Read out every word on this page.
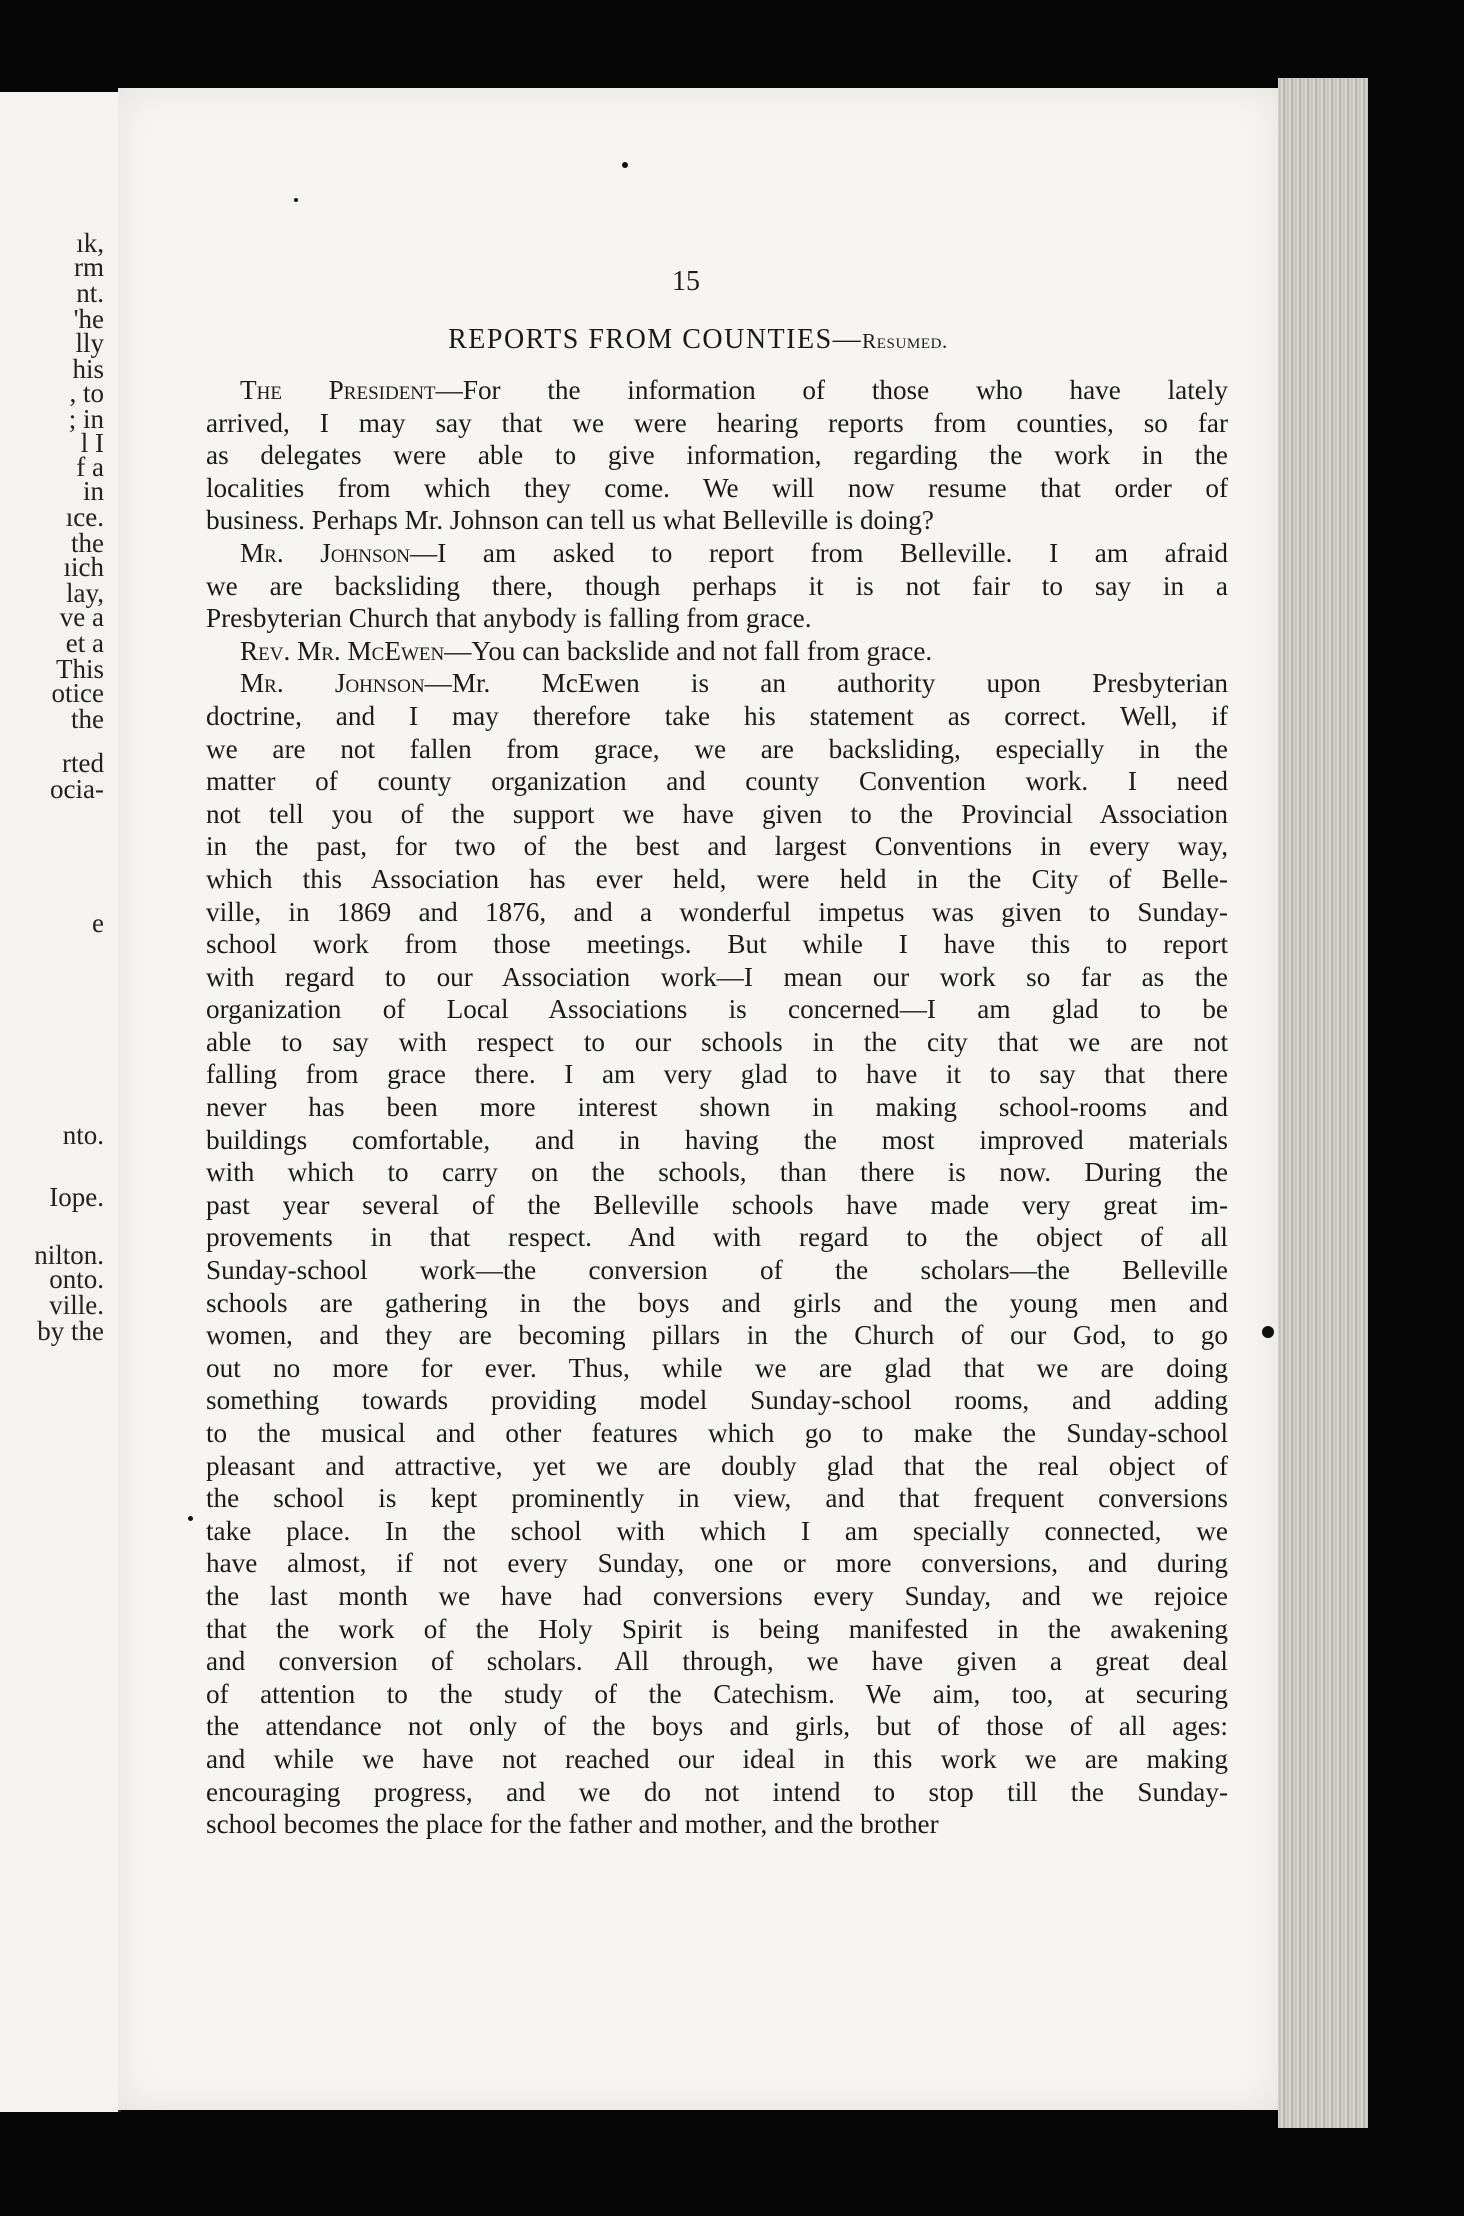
ık,
rm
nt.
'he
lly
his
, to
; in
l I
f a
in
ıce.
the
ıich
lay,
ve a
et a
This
otice
the
rted
ocia-
e
nto.
Iope.
nilton.
onto.
ville.
by the
15
REPORTS FROM COUNTIES—Resumed.
The President—For the information of those who have lately
arrived, I may say that we were hearing reports from counties, so far
as delegates were able to give information, regarding the work in the
localities from which they come. We will now resume that order of
business. Perhaps Mr. Johnson can tell us what Belleville is doing?
Mr. Johnson—I am asked to report from Belleville. I am afraid
we are backsliding there, though perhaps it is not fair to say in a
Presbyterian Church that anybody is falling from grace.
Rev. Mr. McEwen—You can backslide and not fall from grace.
Mr. Johnson—Mr. McEwen is an authority upon Presbyterian
doctrine, and I may therefore take his statement as correct. Well, if
we are not fallen from grace, we are backsliding, especially in the
matter of county organization and county Convention work. I need
not tell you of the support we have given to the Provincial Association
in the past, for two of the best and largest Conventions in every way,
which this Association has ever held, were held in the City of Belle-
ville, in 1869 and 1876, and a wonderful impetus was given to Sunday-
school work from those meetings. But while I have this to report
with regard to our Association work—I mean our work so far as the
organization of Local Associations is concerned—I am glad to be
able to say with respect to our schools in the city that we are not
falling from grace there. I am very glad to have it to say that there
never has been more interest shown in making school-rooms and
buildings comfortable, and in having the most improved materials
with which to carry on the schools, than there is now. During the
past year several of the Belleville schools have made very great im-
provements in that respect. And with regard to the object of all
Sunday-school work—the conversion of the scholars—the Belleville
schools are gathering in the boys and girls and the young men and
women, and they are becoming pillars in the Church of our God, to go
out no more for ever. Thus, while we are glad that we are doing
something towards providing model Sunday-school rooms, and adding
to the musical and other features which go to make the Sunday-school
pleasant and attractive, yet we are doubly glad that the real object of
the school is kept prominently in view, and that frequent conversions
take place. In the school with which I am specially connected, we
have almost, if not every Sunday, one or more conversions, and during
the last month we have had conversions every Sunday, and we rejoice
that the work of the Holy Spirit is being manifested in the awakening
and conversion of scholars. All through, we have given a great deal
of attention to the study of the Catechism. We aim, too, at securing
the attendance not only of the boys and girls, but of those of all ages:
and while we have not reached our ideal in this work we are making
encouraging progress, and we do not intend to stop till the Sunday-
school becomes the place for the father and mother, and the brother
